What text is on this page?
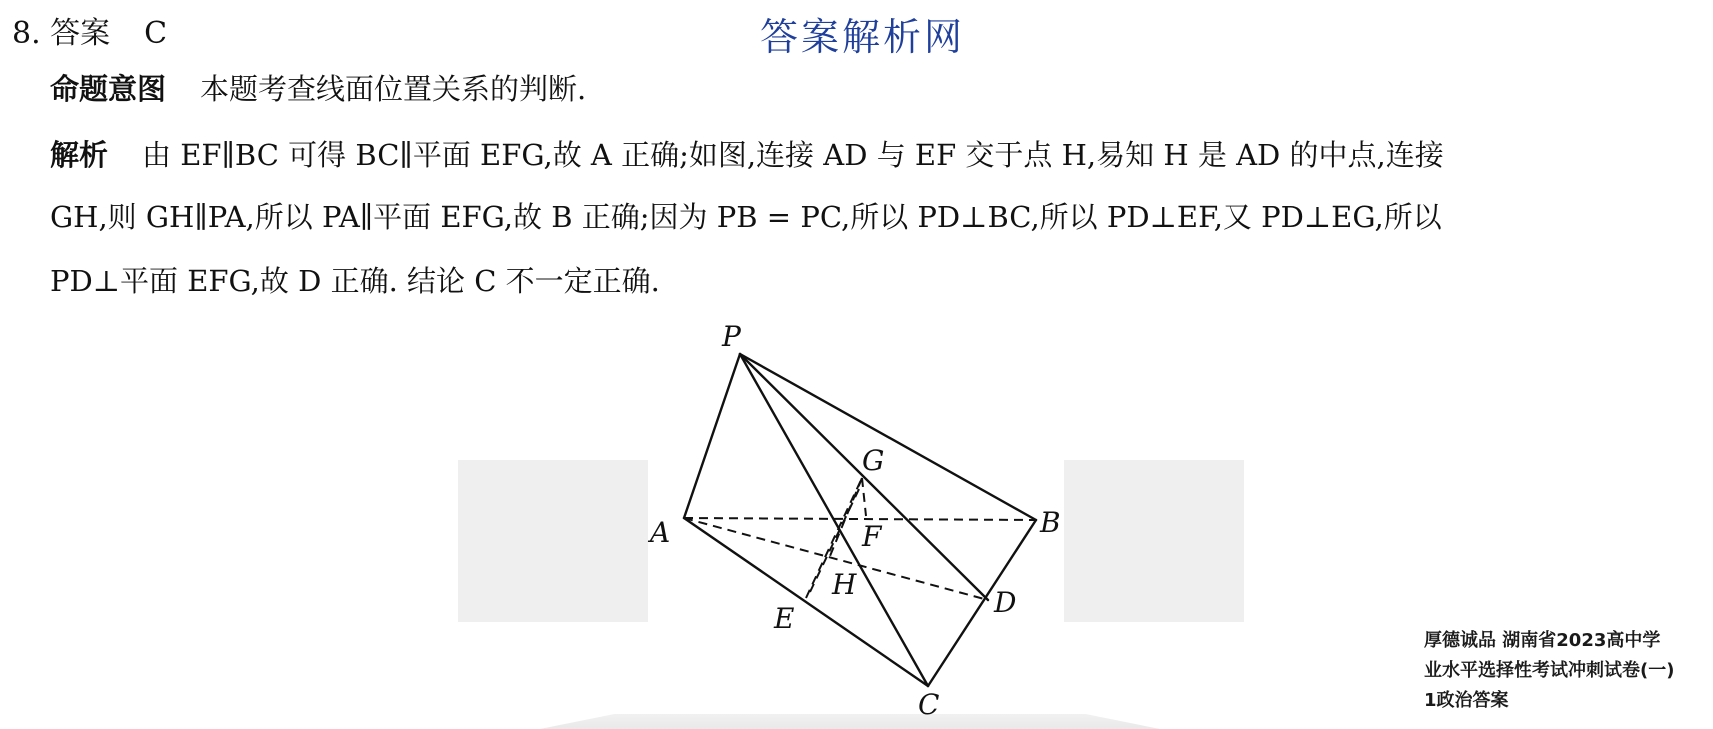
8. 答案 C	答案解析网
命题意图 本题考查线面位置关系的判断.
解析 由 EF∥BC 可得 BC∥平面 EFG,故 A 正确;如图,连接 AD 与 EF 交于点 H,易知 H 是 AD 的中点,连接
GH,则 GH∥PA,所以 PA∥平面 EFG,故 B 正确;因为 PB = PC,所以 PD⊥BC,所以 PD⊥EF,又 PD⊥EG,所以
PD⊥平面 EFG,故 D 正确. 结论 C 不一定正确.
P
A	B
C
D
E
F
G
H
厚德诚品 湖南省2023高中学
业水平选择性考试冲刺试卷(一)
1政治答案
